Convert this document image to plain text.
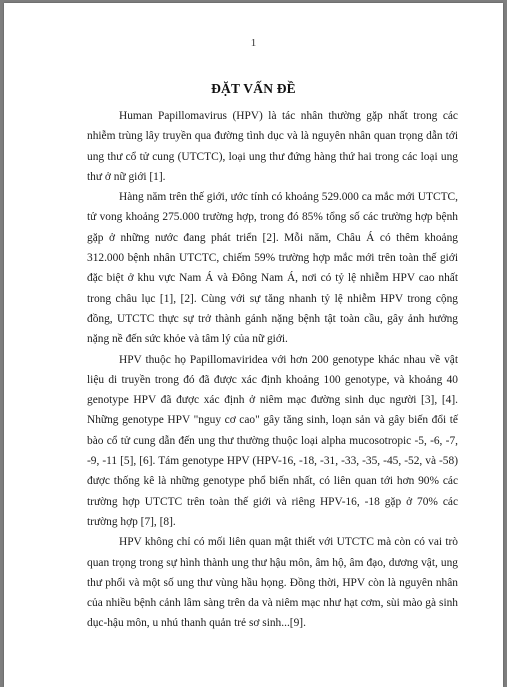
1
ĐẶT VẤN ĐỀ

Human Papillomavirus (HPV) là tác nhân thường gặp nhất trong các nhiễm trùng lây truyền qua đường tình dục và là nguyên nhân quan trọng dẫn tới ung thư cổ tử cung (UTCTC), loại ung thư đứng hàng thứ hai trong các loại ung thư ở nữ giới [1].

Hàng năm trên thế giới, ước tính có khoảng 529.000 ca mắc mới UTCTC, tử vong khoảng 275.000 trường hợp, trong đó 85% tổng số các trường hợp bệnh gặp ở những nước đang phát triển [2]. Mỗi năm, Châu Á có thêm khoảng 312.000 bệnh nhân UTCTC, chiếm 59% trường hợp mắc mới trên toàn thế giới đặc biệt ở khu vực Nam Á và Đông Nam Á, nơi có tỷ lệ nhiễm HPV cao nhất trong châu lục [1], [2]. Cùng với sự tăng nhanh tỷ lệ nhiễm HPV trong cộng đồng, UTCTC thực sự trở thành gánh nặng bệnh tật toàn cầu, gây ảnh hưởng nặng nề đến sức khỏe và tâm lý của nữ giới.

HPV thuộc họ Papillomaviridea với hơn 200 genotype khác nhau về vật liệu di truyền trong đó đã được xác định khoảng 100 genotype, và khoảng 40 genotype HPV đã được xác định ở niêm mạc đường sinh dục người [3], [4]. Những genotype HPV "nguy cơ cao" gây tăng sinh, loạn sản và gây biến đổi tế bào cổ tử cung dẫn đến ung thư thường thuộc loại alpha mucosotropic -5, -6, -7, -9, -11 [5], [6]. Tám genotype HPV (HPV-16, -18, -31, -33, -35, -45, -52, và -58) được thống kê là những genotype phổ biến nhất, có liên quan tới hơn 90% các trường hợp UTCTC trên toàn thế giới và riêng HPV-16, -18 gặp ở 70% các trường hợp [7], [8].

HPV không chỉ có mối liên quan mật thiết với UTCTC mà còn có vai trò quan trọng trong sự hình thành ung thư hậu môn, âm hộ, âm đạo, dương vật, ung thư phổi và một số ung thư vùng hầu họng. Đồng thời, HPV còn là nguyên nhân của nhiều bệnh cảnh lâm sàng trên da và niêm mạc như hạt cơm, sùi mào gà sinh dục-hậu môn, u nhú thanh quản trẻ sơ sinh...[9].
